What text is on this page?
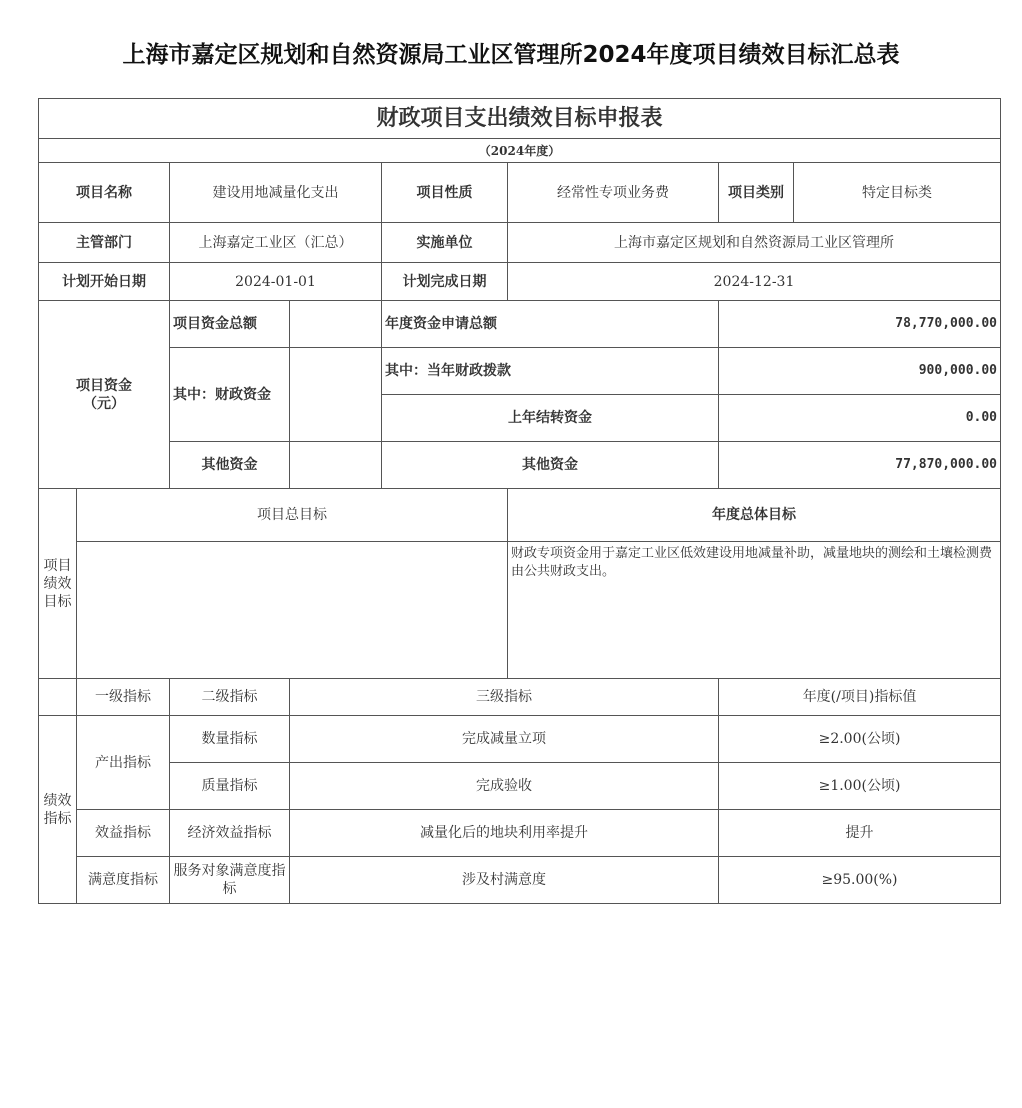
上海市嘉定区规划和自然资源局工业区管理所2024年度项目绩效目标汇总表
财政项目支出绩效目标申报表							
（2024年度）							
项目名称		建设用地减量化支出		项目性质	经常性专项业务费	项目类别	特定目标类
主管部门		上海嘉定工业区（汇总）		实施单位	上海市嘉定区规划和自然资源局工业区管理所		
计划开始日期		2024-01-01		计划完成日期	2024-12-31		
项目资金
（元）		项目资金总额		年度资金申请总额		78,770,000.00	
		其中：财政资金		其中：当年财政拨款		900,000.00	
				上年结转资金		0.00	
		其他资金		其他资金		77,870,000.00	
项目绩效目标	项目总目标				年度总体目标		
					财政专项资金用于嘉定工业区低效建设用地减量补助，减量地块的测绘和土壤检测费由公共财政支出。		
	一级指标	二级指标	三级指标			年度(/项目)指标值	
绩效指标	产出指标	数量指标	完成减量立项			≥2.00(公顷)	
		质量指标	完成验收			≥1.00(公顷)	
	效益指标	经济效益指标	减量化后的地块利用率提升			提升	
	满意度指标	服务对象满意度指标	涉及村满意度			≥95.00(%)	
